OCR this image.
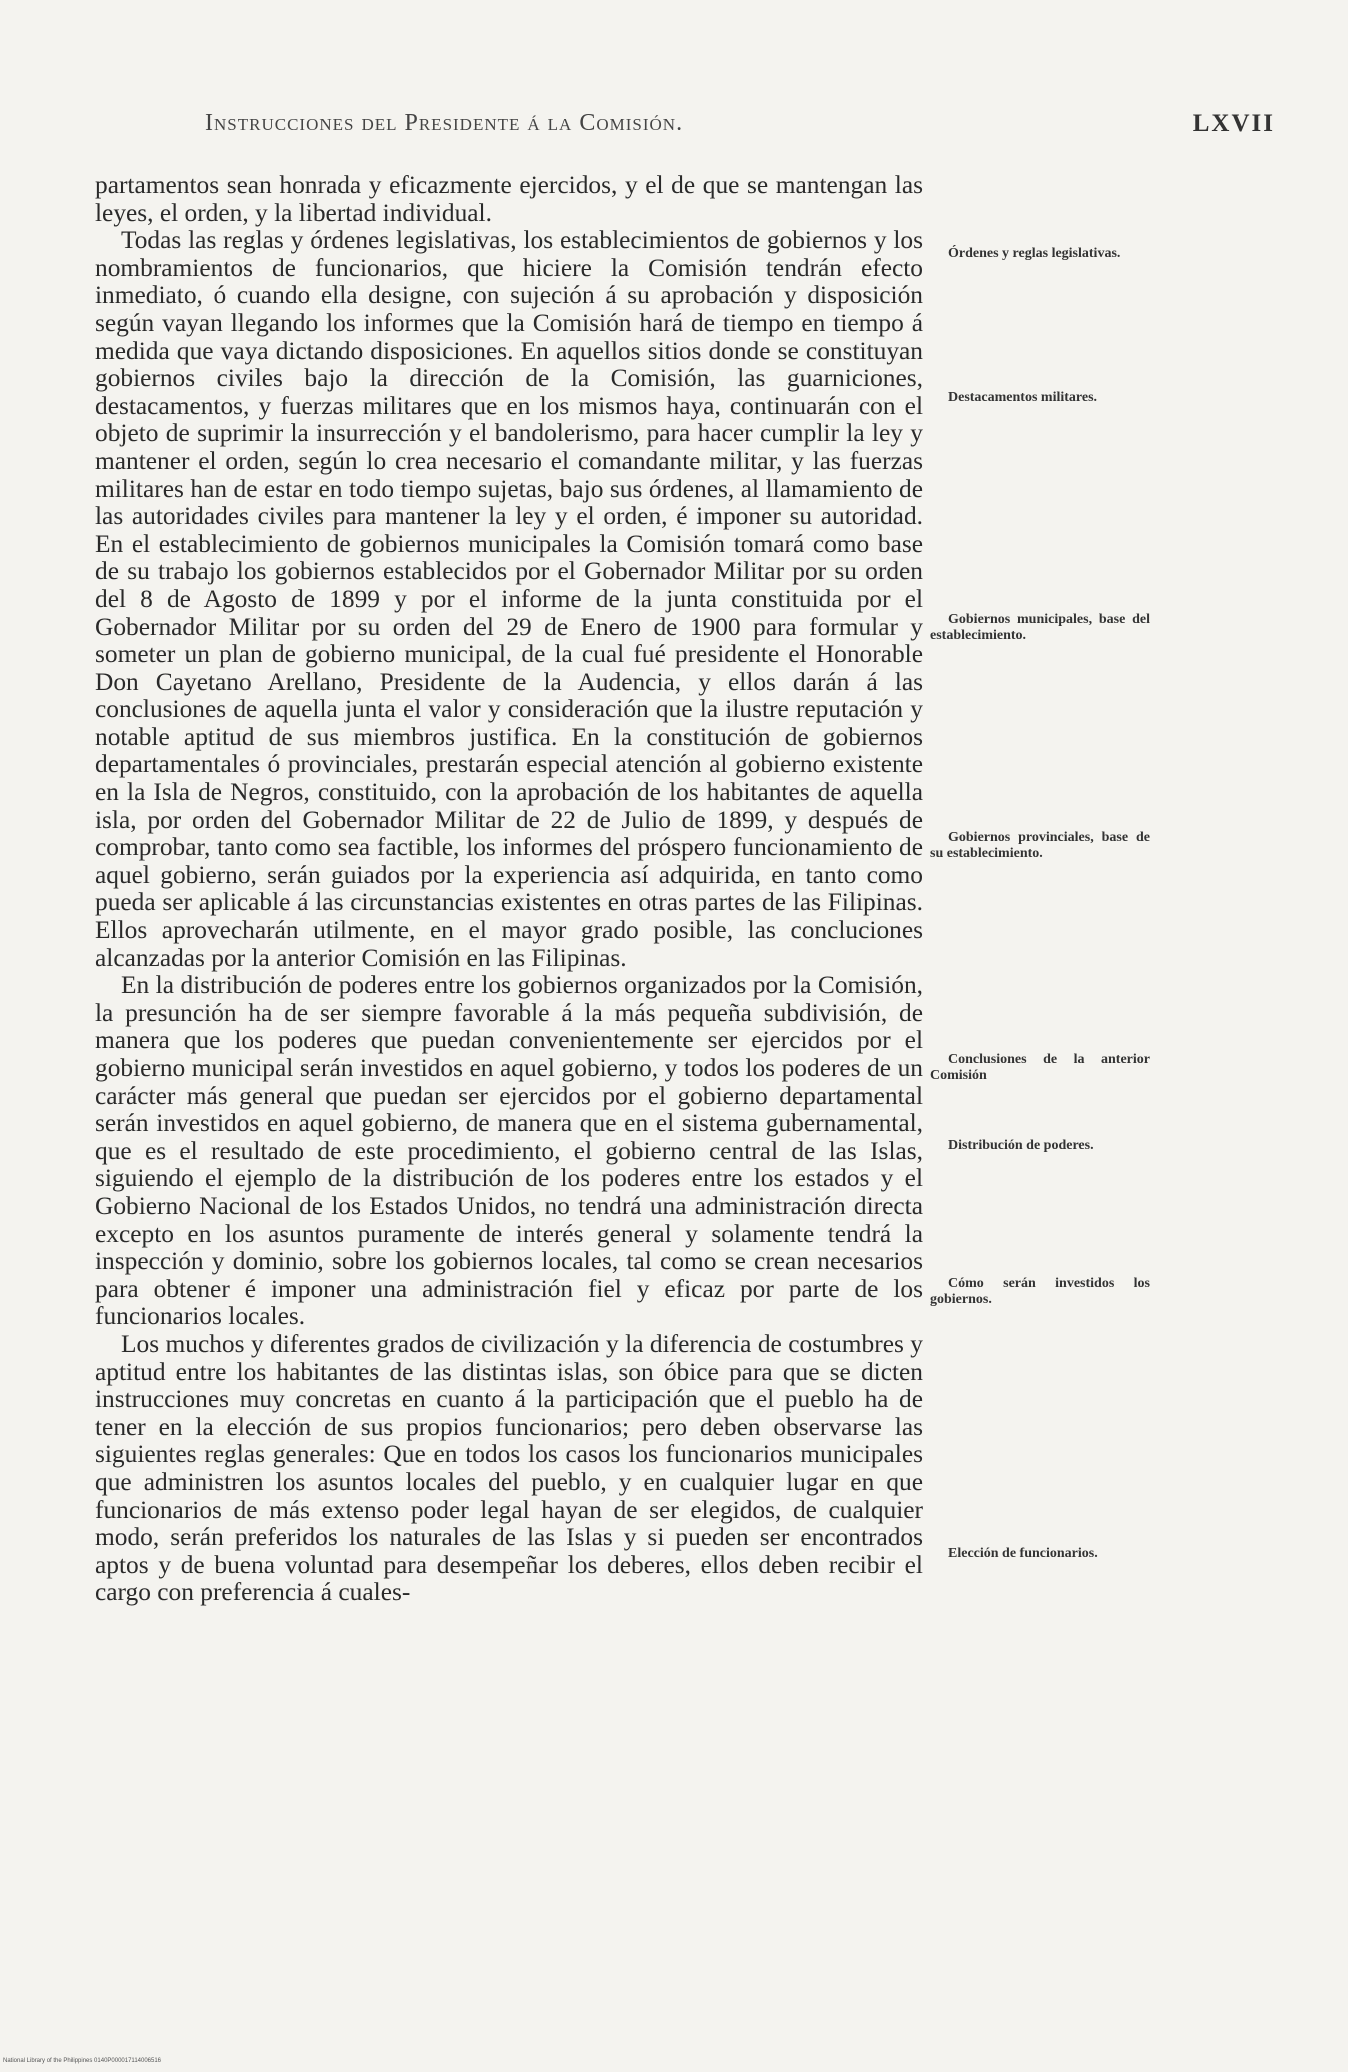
Instrucciones del Presidente á la Comisión.	LXVII

partamentos sean honrada y eficazmente ejercidos, y el de que se mantengan las leyes, el orden, y la libertad individual.

Todas las reglas y órdenes legislativas, los establecimientos de gobiernos y los nombramientos de funcionarios, que hiciere la Comisión tendrán efecto inmediato, ó cuando ella designe, con sujeción á su aprobación y disposición según vayan llegando los informes que la Comisión hará de tiempo en tiempo á medida que vaya dictando disposiciones. En aquellos sitios donde se constituyan gobiernos civiles bajo la dirección de la Comisión, las guarniciones, destacamentos, y fuerzas militares que en los mismos haya, continuarán con el objeto de suprimir la insurrección y el bandolerismo, para hacer cumplir la ley y mantener el orden, según lo crea necesario el comandante militar, y las fuerzas militares han de estar en todo tiempo sujetas, bajo sus órdenes, al llamamiento de las autoridades civiles para mantener la ley y el orden, é imponer su autoridad. En el establecimiento de gobiernos municipales la Comisión tomará como base de su trabajo los gobiernos establecidos por el Gobernador Militar por su orden del 8 de Agosto de 1899 y por el informe de la junta constituida por el Gobernador Militar por su orden del 29 de Enero de 1900 para formular y someter un plan de gobierno municipal, de la cual fué presidente el Honorable Don Cayetano Arellano, Presidente de la Audencia, y ellos darán á las conclusiones de aquella junta el valor y consideración que la ilustre reputación y notable aptitud de sus miembros justifica. En la constitución de gobiernos departamentales ó provinciales, prestarán especial atención al gobierno existente en la Isla de Negros, constituido, con la aprobación de los habitantes de aquella isla, por orden del Gobernador Militar de 22 de Julio de 1899, y después de comprobar, tanto como sea factible, los informes del próspero funcionamiento de aquel gobierno, serán guiados por la experiencia así adquirida, en tanto como pueda ser aplicable á las circunstancias existentes en otras partes de las Filipinas. Ellos aprovecharán utilmente, en el mayor grado posible, las concluciones alcanzadas por la anterior Comisión en las Filipinas.

En la distribución de poderes entre los gobiernos organizados por la Comisión, la presunción ha de ser siempre favorable á la más pequeña subdivisión, de manera que los poderes que puedan convenientemente ser ejercidos por el gobierno municipal serán investidos en aquel gobierno, y todos los poderes de un carácter más general que puedan ser ejercidos por el gobierno departamental serán investidos en aquel gobierno, de manera que en el sistema gubernamental, que es el resultado de este procedimiento, el gobierno central de las Islas, siguiendo el ejemplo de la distribución de los poderes entre los estados y el Gobierno Nacional de los Estados Unidos, no tendrá una administración directa excepto en los asuntos puramente de interés general y solamente tendrá la inspección y dominio, sobre los gobiernos locales, tal como se crean necesarios para obtener é imponer una administración fiel y eficaz por parte de los funcionarios locales.

Los muchos y diferentes grados de civilización y la diferencia de costumbres y aptitud entre los habitantes de las distintas islas, son óbice para que se dicten instrucciones muy concretas en cuanto á la participación que el pueblo ha de tener en la elección de sus propios funcionarios; pero deben observarse las siguientes reglas generales: Que en todos los casos los funcionarios municipales que administren los asuntos locales del pueblo, y en cualquier lugar en que funcionarios de más extenso poder legal hayan de ser elegidos, de cualquier modo, serán preferidos los naturales de las Islas y si pueden ser encontrados aptos y de buena voluntad para desempeñar los deberes, ellos deben recibir el cargo con preferencia á cuales-

Órdenes y reglas legislativas.
Destacamentos militares.
Gobiernos municipales, base del establecimiento.
Gobiernos provinciales, base de su establecimiento.
Conclusiones de la anterior Comisión
Distribución de poderes.
Cómo serán investidos los gobiernos.
Elección de funcionarios.
National Library of the Philippines 0140P000017114006516
